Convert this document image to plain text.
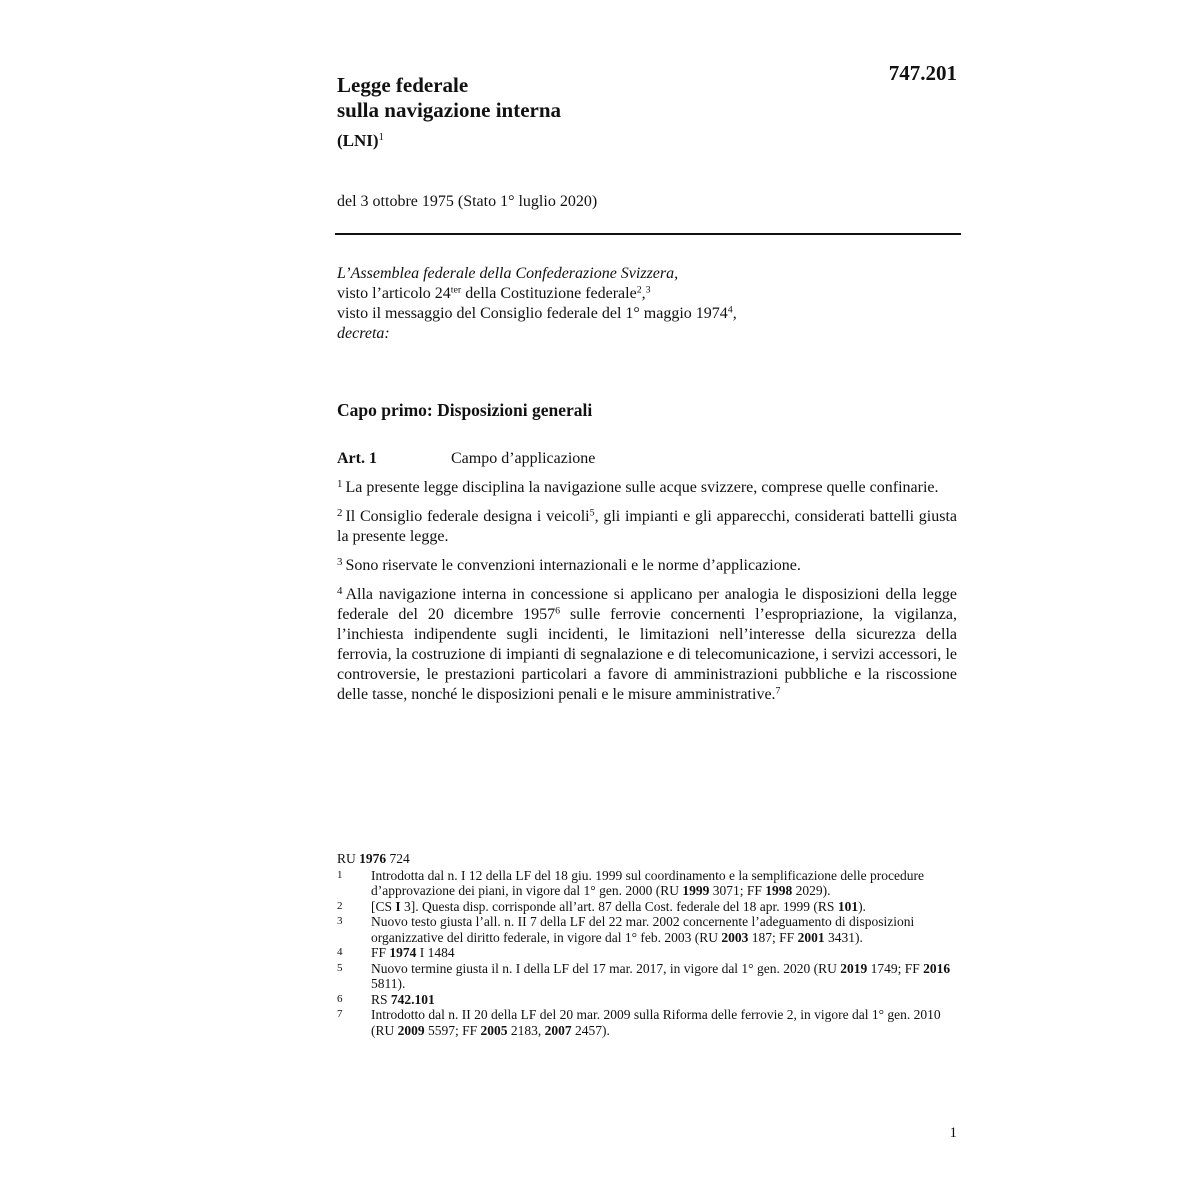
Legge federale
sulla navigazione interna
(LNI)$^1$
747.201
del 3 ottobre 1975 (Stato 1° luglio 2020)
L’Assemblea federale della Confederazione Svizzera,
visto l’articolo $24^{ter}$ della Costituzione federale$^2$,$^3$
visto il messaggio del Consiglio federale del 1° maggio 1974$^4$,
decreta:
Capo primo: Disposizioni generali
Art. 1	Campo d’applicazione

$^1$ La presente legge disciplina la navigazione sulle acque svizzere, comprese quelle confinarie.

$^2$ Il Consiglio federale designa i veicoli$^5$, gli impianti e gli apparecchi, considerati battelli giusta la presente legge.

$^3$ Sono riservate le convenzioni internazionali e le norme d’applicazione.

$^4$ Alla navigazione interna in concessione si applicano per analogia le disposizioni della legge federale del 20 dicembre 1957$^6$ sulle ferrovie concernenti l’espropriazione, la vigilanza, l’inchiesta indipendente sugli incidenti, le limitazioni nell’interesse della sicurezza della ferrovia, la costruzione di impianti di segnalazione e di telecomunicazione, i servizi accessori, le controversie, le prestazioni particolari a favore di amministrazioni pubbliche e la riscossione delle tasse, nonché le disposizioni penali e le misure amministrative.$^7$

RU 1976 724
1 Introdotta dal n. I 12 della LF del 18 giu. 1999 sul coordinamento e la semplificazione delle procedure d’approvazione dei piani, in vigore dal 1° gen. 2000 (RU 1999 3071; FF 1998 2029).
2 [CS I 3]. Questa disp. corrisponde all’art. 87 della Cost. federale del 18 apr. 1999 (RS 101).
3 Nuovo testo giusta l’all. n. II 7 della LF del 22 mar. 2002 concernente l’adeguamento di disposizioni organizzative del diritto federale, in vigore dal 1° feb. 2003 (RU 2003 187; FF 2001 3431).
4 FF 1974 I 1484
5 Nuovo termine giusta il n. I della LF del 17 mar. 2017, in vigore dal 1° gen. 2020 (RU 2019 1749; FF 2016 5811).
6 RS 742.101
7 Introdotto dal n. II 20 della LF del 20 mar. 2009 sulla Riforma delle ferrovie 2, in vigore dal 1° gen. 2010 (RU 2009 5597; FF 2005 2183, 2007 2457).
1
